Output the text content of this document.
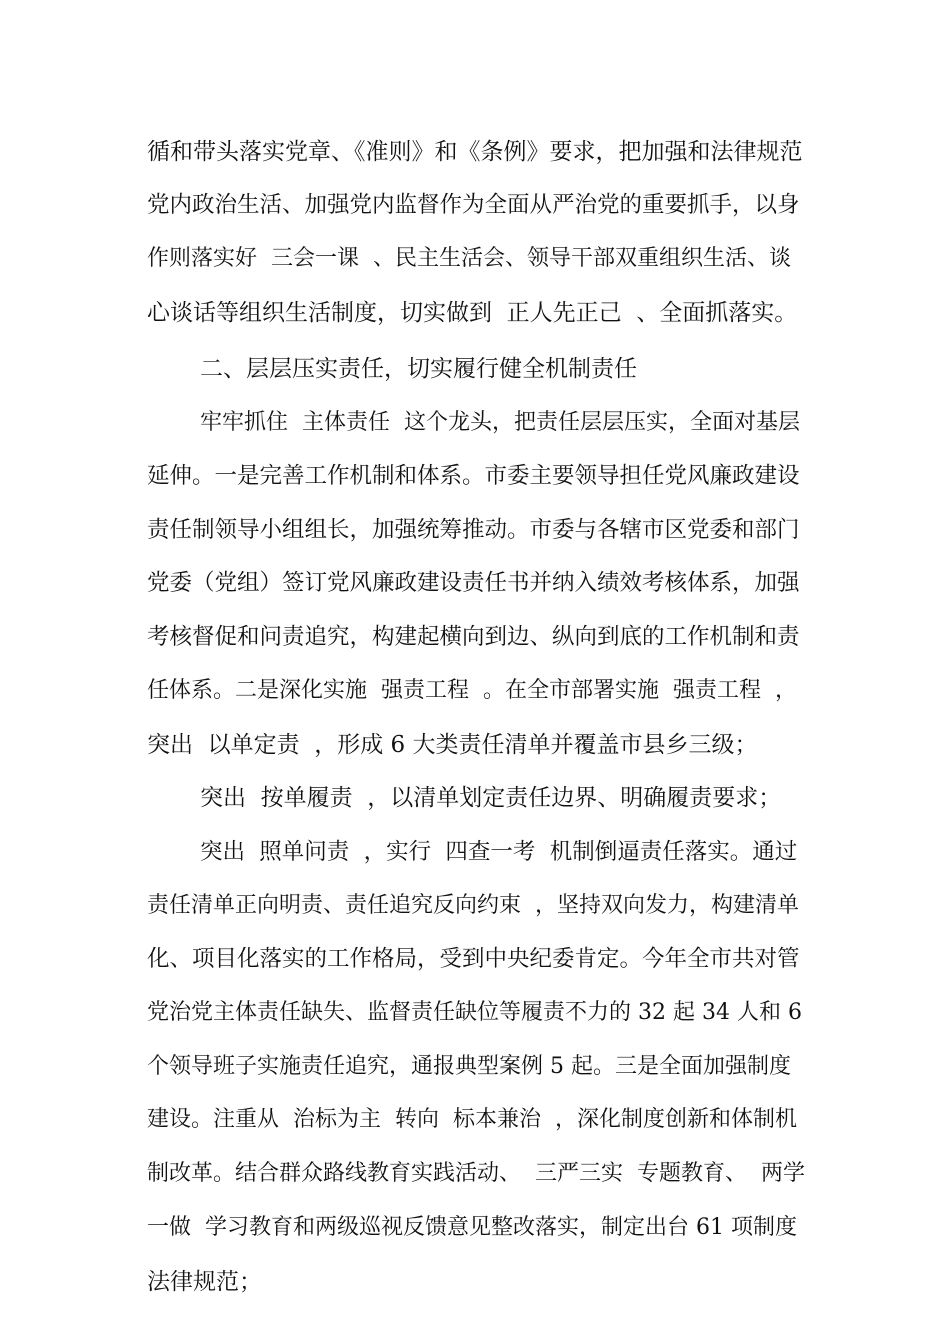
循和带头落实党章、《准则》和《条例》要求，把加强和法律规范

党内政治生活、加强党内监督作为全面从严治党的重要抓手，以身

作则落实好  三会一课  、民主生活会、领导干部双重组织生活、谈

心谈话等组织生活制度，切实做到  正人先正己  、全面抓落实。

二、层层压实责任，切实履行健全机制责任

牢牢抓住  主体责任  这个龙头，把责任层层压实，全面对基层

延伸。一是完善工作机制和体系。市委主要领导担任党风廉政建设

责任制领导小组组长，加强统筹推动。市委与各辖市区党委和部门

党委（党组）签订党风廉政建设责任书并纳入绩效考核体系，加强

考核督促和问责追究，构建起横向到边、纵向到底的工作机制和责

任体系。二是深化实施  强责工程  。在全市部署实施  强责工程  ，

突出  以单定责  ，形成 6 大类责任清单并覆盖市县乡三级；

突出  按单履责  ，以清单划定责任边界、明确履责要求；

突出  照单问责  ，实行  四查一考  机制倒逼责任落实。通过

责任清单正向明责、责任追究反向约束  ，坚持双向发力，构建清单

化、项目化落实的工作格局，受到中央纪委肯定。今年全市共对管

党治党主体责任缺失、监督责任缺位等履责不力的 32 起 34 人和 6

个领导班子实施责任追究，通报典型案例 5 起。三是全面加强制度

建设。注重从  治标为主  转向  标本兼治  ，深化制度创新和体制机

制改革。结合群众路线教育实践活动、  三严三实  专题教育、  两学

一做  学习教育和两级巡视反馈意见整改落实，制定出台 61 项制度

法律规范；
